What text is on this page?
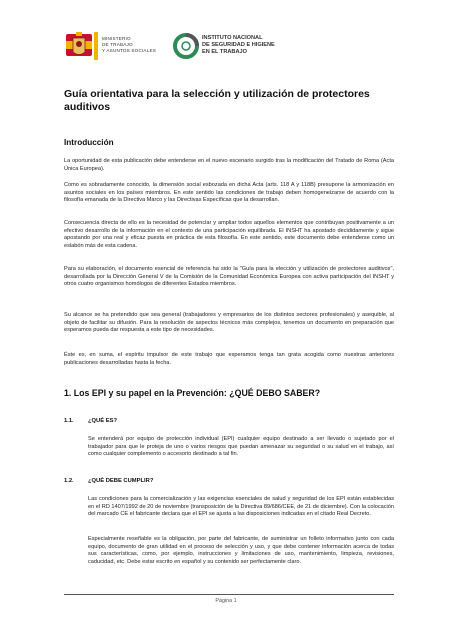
MINISTERIO
DE TRABAJO
Y ASUNTOS SOCIALES
INSTITUTO NACIONAL
DE SEGURIDAD E HIGIENE
EN EL TRABAJO
Guía orientativa para la selección y utilización de protectores auditivos
Introducción

La oportunidad de esta publicación debe entenderse en el nuevo escenario surgido tras la modificación del Tratado de Roma (Acta Única Europea).

Como es sobradamente conocido, la dimensión social esbozada en dicha Acta (arts. 118 A y 118B) presupone la armonización en asuntos sociales en los países miembros. En este sentido las condiciones de trabajo deben homogeneizarse de acuerdo con la filosofía emanada de la Directiva Marco y las Directivas Específicas que la desarrollan.

Consecuencia directa de ello es la necesidad de potenciar y ampliar todos aquellos elementos que contribuyan positivamente a un efectivo desarrollo de la información en el contexto de una participación equilibrada. El INSHT ha apostado decididamente y sigue apostando por una real y eficaz puesta en práctica de esta filosofía. En este sentido, este documento debe entenderse como un eslabón más de esta cadena.

Para su elaboración, el documento esencial de referencia ha sido la "Guía para la elección y utilización de protectores auditivos", desarrollada por la Dirección General V de la Comisión de la Comunidad Económica Europea con activa participación del INSHT y otros cuatro organismos homólogos de diferentes Estados miembros.

Su alcance se ha pretendido que sea general (trabajadores y empresarios de los distintos sectores profesionales) y asequible, al objeto de facilitar su difusión. Para la resolución de aspectos técnicos más complejos, tenemos un documento en preparación que esperamos pueda dar respuesta a este tipo de necesidades.

Éste es, en suma, el espíritu impulsor de este trabajo que esperamos tenga tan grata acogida como nuestras anteriores publicaciones desarrolladas hasta la fecha.

1. Los EPI y su papel en la Prevención: ¿QUÉ DEBO SABER?
1.1. ¿QUÉ ES?

Se entenderá por equipo de protección individual (EPI) cualquier equipo destinado a ser llevado o sujetado por el trabajador para que le proteja de uno o varios riesgos que puedan amenazar su seguridad o su salud en el trabajo, así como cualquier complemento o accesorio destinado a tal fin.

1.2. ¿QUÉ DEBE CUMPLIR?

Las condiciones para la comercialización y las exigencias esenciales de salud y seguridad de los EPI están establecidas en el RD 1407/1992 de 20 de noviembre (transposición de la Directiva 89/686/CEE, de 21 de diciembre). Con la colocación del marcado CE el fabricante declara que el EPI se ajusta a las disposiciones indicadas en el citado Real Decreto.

Especialmente reseñable es la obligación, por parte del fabricante, de suministrar un folleto informativo junto con cada equipo, documento de gran utilidad en el proceso de selección y uso, y que debe contener información acerca de todas sus características, como, por ejemplo, instrucciones y limitaciones de uso, mantenimiento, limpieza, revisiones, caducidad, etc. Debe estar escrito en español y su contenido ser perfectamente claro.

Página 1
